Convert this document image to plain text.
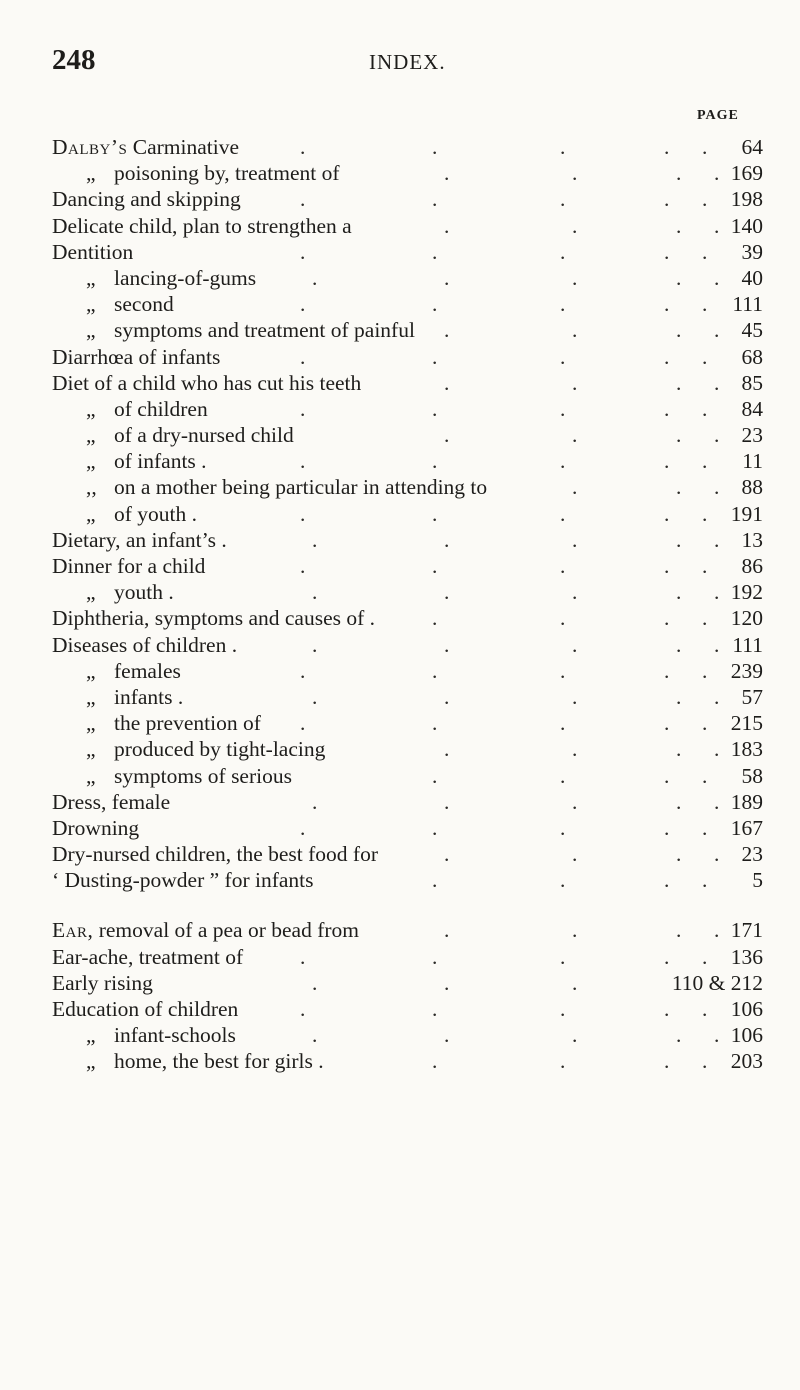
248	INDEX.
PAGE
Dalby’s Carminative	64
.	.	.	. .
„ poisoning by, treatment of	169
.	.	. .
Dancing and skipping	198
.	.	.	. .
Delicate child, plan to strengthen a	140
.	.	. .
Dentition	39
.	.	.	. .
„ lancing-of-gums	40
.	.	.	. .
„ second	111
.	.	.	. .
„ symptoms and treatment of painful	45
.	.	. .
Diarrhœa of infants	68
.	.	.	. .
Diet of a child who has cut his teeth	85
.	.	. .
„ of children	84
.	.	.	. .
„ of a dry-nursed child	23
.	.	. .
„ of infants .	11
.	.	.	. .
,, on a mother being particular in attending to	88
.	. .
„ of youth .	191
.	.	.	. .
Dietary, an infant’s .	13
.	.	.	. .
Dinner for a child	86
.	.	.	. .
„ youth .	192
.	.	.	. .
Diphtheria, symptoms and causes of .	120
.	.	. .
Diseases of children .	111
.	.	.	. .
„ females	239
.	.	.	. .
„ infants .	57
.	.	.	. .
„ the prevention of	215
.	.	.	. .
„ produced by tight-lacing	183
.	.	. .
„ symptoms of serious	58
.	.	. .
Dress, female	189
.	.	.	. .
Drowning	167
.	.	.	. .
Dry-nursed children, the best food for	23
.	.	. .
‘ Dusting-powder ” for infants	5
.	.	. .
Ear, removal of a pea or bead from	171
.	.	. .
Ear-ache, treatment of	136
.	.	.	. .
Early rising	110 & 212
.	.	.
Education of children	106
.	.	.	. .
„ infant-schools	106
.	.	.	. .
„ home, the best for girls .	203
.	.	. .
